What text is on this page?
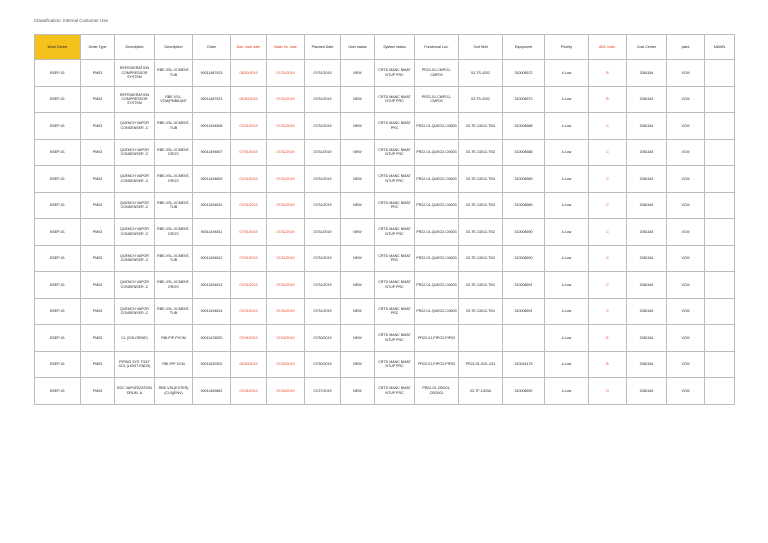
Classification: Internal Customer Use
Work Center	Order Type	Description	Description	Order	Bas. start date	Basic fin. date	Planned Date	User status	System status	Functional Loc.	Sort field	Equipment	Priority	ABC Indic.	Cost Center	plant	MAWN
BSEP-01	PM03	REFRIGERATION COMPRESSOR SYSTEM	RBE-VSL-VCMENT-TUB	90011487923	06/30/2019	07/31/2019	07/31/2019	NEW	CRTD MANC NMAT NTUP PRC	PR22-01-CMPO1-CMP03	03-TS-4202	310008572	4-Low	B	2081164	VCM	
BSEP-01	PM03	REFRIGERATION COMPRESSOR SYSTEM	RBE-VSL-VCM(PMBID)NT	90011487923	06/30/2019	07/31/2019	07/31/2019	NEW	CRTD MANC NMAT NTUP PRC	PR22-01-CMPO1-CMP03	03-TS-4202	310008572	4-Low	B	2081164	VCM	
BSEP-01	PM03	QUENCH VAPOR CONDENSER -C	RBE-VSL-VCMENT-TUB	90011494808	07/01/2019	07/31/2019	07/31/2019	NEW	CRTD MANC NMAT PRC	PR22-01-QUEO2-CN003	03-TE-13012-TN3	310008588	4-Low	C	2081164	VCM	
BSEP-01	PM03	QUENCH VAPOR CONDENSER -C	RBE-VSL-VCMENT-EROS	90011494807	07/01/2019	07/31/2019	07/31/2019	NEW	CRTD MANC NMAT NTUP PRC	PR22-01-QUEO2-CN003	03-TE-13012-TN3	310008588	4-Low	C	2081164	VCM	
BSEP-01	PM03	QUENCH VAPOR CONDENSER -C	RBE-VSL-VCMENT-EROS	90011494809	07/01/2019	07/31/2019	07/31/2019	NEW	CRTD MANC NMAT NTUP PRC	PR22-01-QUEO2-CN003	03-TE-13012-TN3	310008589	4-Low	C	2081164	VCM	
BSEP-01	PM03	QUENCH VAPOR CONDENSER -C	RBE-VSL-VCMENT-TUB	90011494810	07/01/2019	07/31/2019	07/31/2019	NEW	CRTD MANC NMAT PRC	PR22-01-QUEO2-CN003	03-TE-13012-TN3	310008589	4-Low	C	2081164	VCM	
BSEP-01	PM03	QUENCH VAPOR CONDENSER -C	RBE-VSL-VCMENT-EROS	90011494811	07/01/2019	07/31/2019	07/31/2019	NEW	CRTD MANC NMAT NTUP PRC	PR22-01-QUEO2-CN003	03-TE-13012-TN2	310008590	4-Low	C	2081164	VCM	
BSEP-01	PM03	QUENCH VAPOR CONDENSER -C	RBE-VSL-VCMENT-TUB	90011494812	07/01/2019	07/31/2019	07/31/2019	NEW	CRTD MANC NMAT PRC	PR22-01-QUEO2-CN003	03-TE-13012-TN2	310008590	4-Low	C	2081164	VCM	
BSEP-01	PM03	QUENCH VAPOR CONDENSER -C	RBE-VSL-VCMENT-EROS	90011494813	07/01/2019	07/31/2019	07/31/2019	NEW	CRTD MANC NMAT NTUP PRC	PR22-01-QUEO2-CN003	03-TE-13012-TN1	310008591	4-Low	C	2081164	VCM	
BSEP-01	PM03	QUENCH VAPOR CONDENSER -C	RBE-VSL-VCMENT-TUB	90011494814	07/01/2019	07/31/2019	07/31/2019	NEW	CRTD MANC NMAT PRC	PR22-01-QUEO2-CN003	03-TE-13012-TN1	310008591	4-Low	C	2081164	VCM	
BSEP-01	PM03	CL (CHLORINE)	RBI-PIP-PVCM	90011476520	07/04/2019	07/04/2019	07/30/2019	NEW	CRTD MANC NMAT NTUP PRC	PR22-01-PIPO2-PIP03			4-Low	E	2081164	VCM	
BSEP-01	PM03	PIPING SYS TO&T SOL (LIGHT ENDS)	RBI-PIP-VCM	90011520302	06/30/2019	07/24/2019	07/30/2019	NEW	CRTD MANC NMAT NTUP PRC	PR22-01-PIPO2-PIP03	PR22-01-SOL-012	310024175	4-Low	B	2081164	VCM	
BSEP-01	PM03	EDC VAPORIZATION DRUM -A	RBE-VSL(EXTER)(CUI)(ENV)	90011469862	07/04/2019	07/24/2019	07/27/2019	NEW	CRTD MANC NMAT NTUP PRC	PR22-01-CBO01-CBO001	03-TF-1303A	310008592	4-Low	D	2081164	VCM	
